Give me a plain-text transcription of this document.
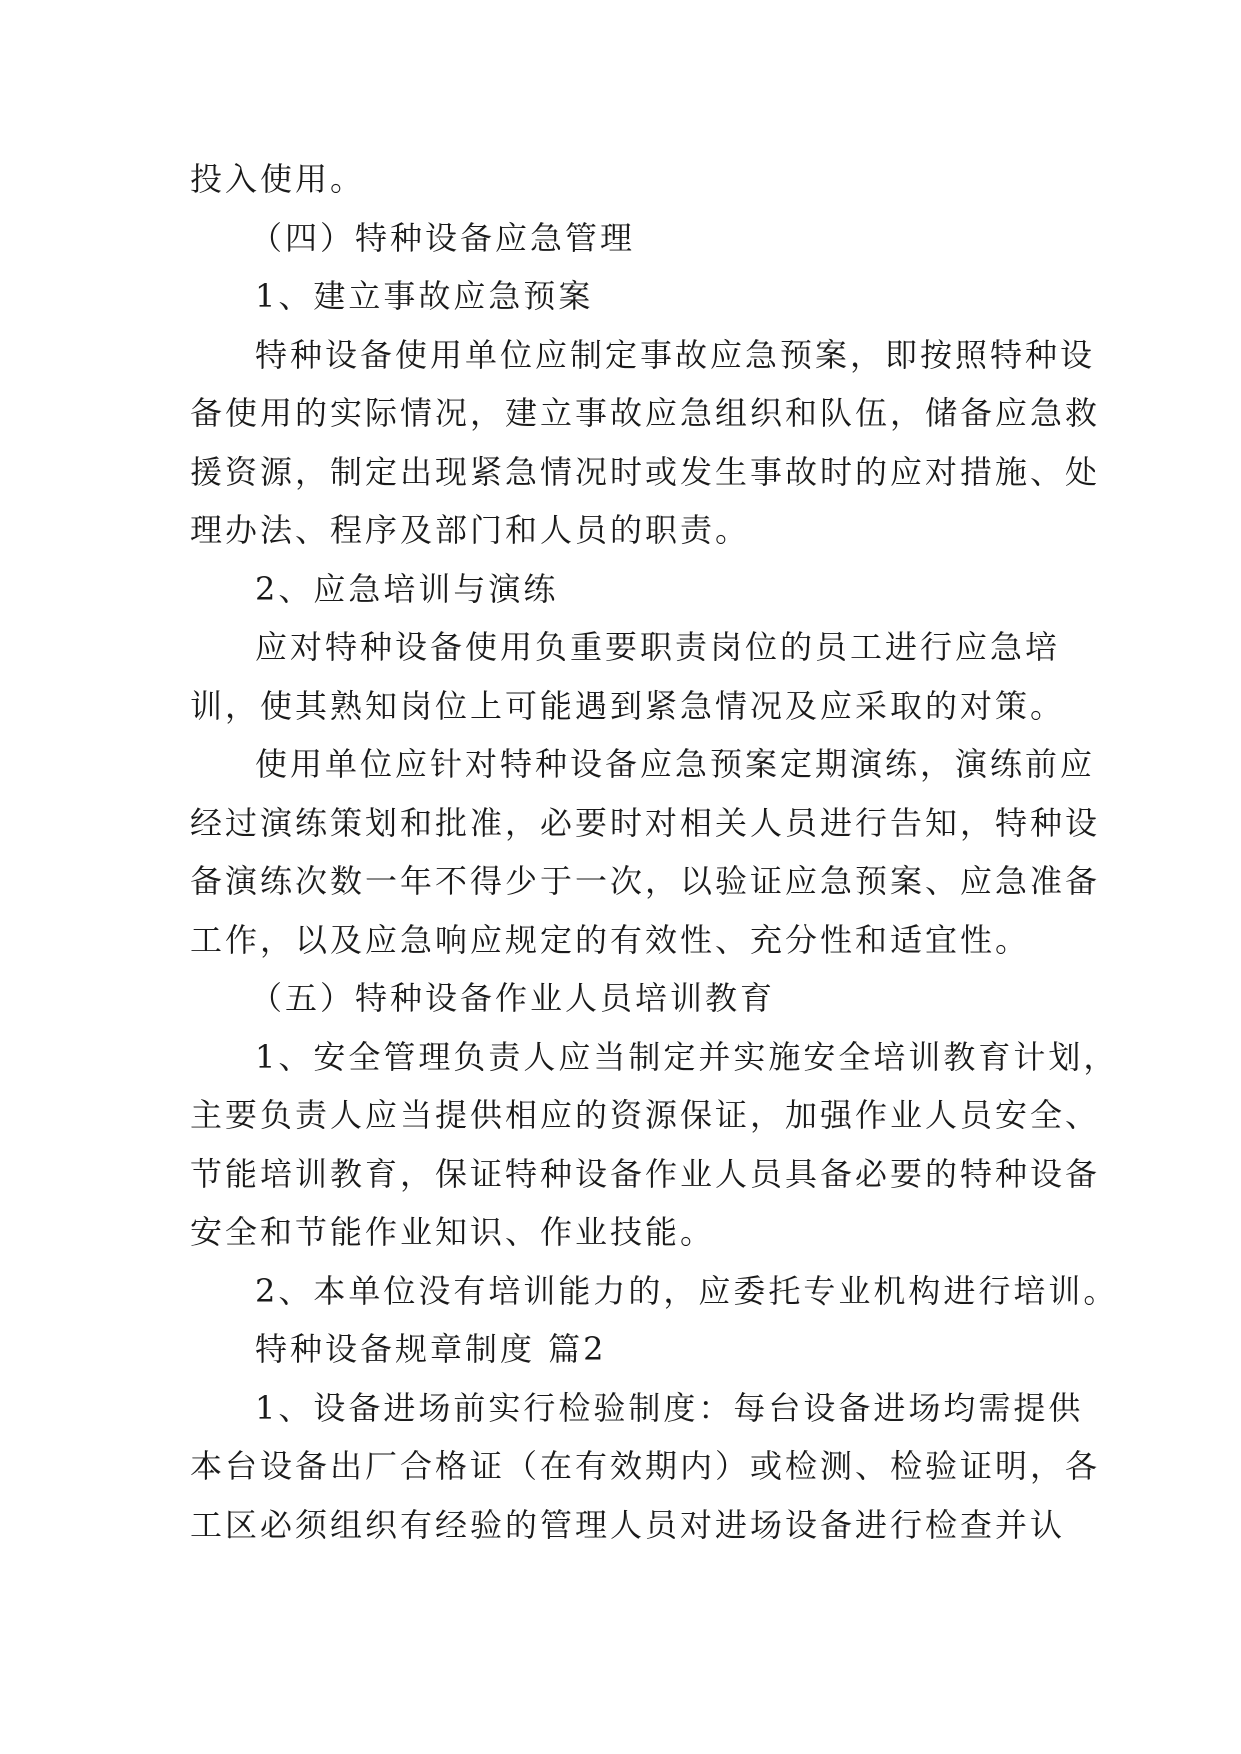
投入使用。
（四）特种设备应急管理
1、建立事故应急预案
特种设备使用单位应制定事故应急预案，即按照特种设
备使用的实际情况，建立事故应急组织和队伍，储备应急救
援资源，制定出现紧急情况时或发生事故时的应对措施、处
理办法、程序及部门和人员的职责。
2、应急培训与演练
应对特种设备使用负重要职责岗位的员工进行应急培
训，使其熟知岗位上可能遇到紧急情况及应采取的对策。
使用单位应针对特种设备应急预案定期演练，演练前应
经过演练策划和批准，必要时对相关人员进行告知，特种设
备演练次数一年不得少于一次，以验证应急预案、应急准备
工作，以及应急响应规定的有效性、充分性和适宜性。
（五）特种设备作业人员培训教育
1、安全管理负责人应当制定并实施安全培训教育计划，
主要负责人应当提供相应的资源保证，加强作业人员安全、
节能培训教育，保证特种设备作业人员具备必要的特种设备
安全和节能作业知识、作业技能。
2、本单位没有培训能力的，应委托专业机构进行培训。
特种设备规章制度 篇2
1、设备进场前实行检验制度：每台设备进场均需提供
本台设备出厂合格证（在有效期内）或检测、检验证明，各
工区必须组织有经验的管理人员对进场设备进行检查并认
